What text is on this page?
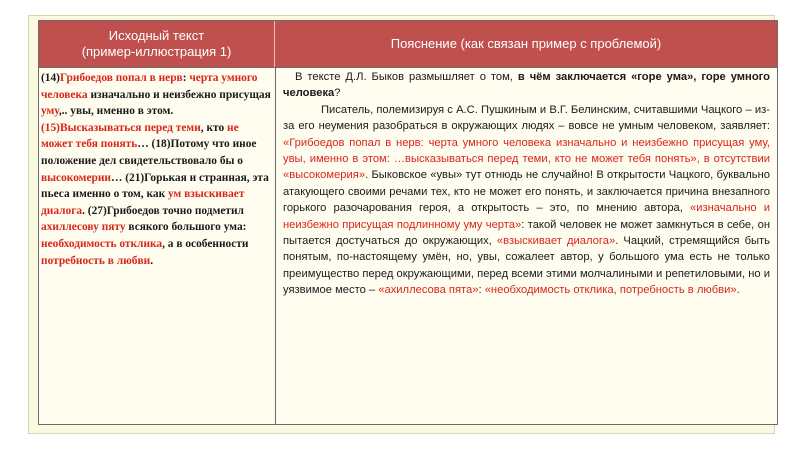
Исходный текст
(пример-иллюстрация 1)
Пояснение (как связан пример с проблемой)
(14)Грибоедов попал в нерв: черта умного человека изначально и неизбежно присущая уму,.. увы, именно в этом. (15)Высказываться перед теми, кто не может тебя понять… (18)Потому что иное положение дел свидетельствовало бы о высокомерии… (21)Горькая и странная, эта пьеса именно о том, как ум взыскивает диалога. (27)Грибоедов точно подметил ахиллесову пяту всякого большого ума: необходимость отклика, а в особенности потребность в любви.

В тексте Д.Л. Быков размышляет о том, в чём заключается «горе ума», горе умного человека?

Писатель, полемизируя с А.С. Пушкиным и В.Г. Белинским, считавшими Чацкого – из-за его неумения разобраться в окружающих людях – вовсе не умным человеком, заявляет: «Грибоедов попал в нерв: черта умного человека изначально и неизбежно присущая уму, увы, именно в этом: …высказываться перед теми, кто не может тебя понять», в отсутствии «высокомерия». Быковское «увы» тут отнюдь не случайно! В открытости Чацкого, буквально атакующего своими речами тех, кто не может его понять, и заключается причина внезапного горького разочарования героя, а открытость – это, по мнению автора, «изначально и неизбежно присущая подлинному уму черта»: такой человек не может замкнуться в себе, он пытается достучаться до окружающих, «взыскивает диалога». Чацкий, стремящийся быть понятым, по-настоящему умён, но, увы, сожалеет автор, у большого ума есть не только преимущество перед окружающими, перед всеми этими молчалиными и репетиловыми, но и уязвимое место – «ахиллесова пята»: «необходимость отклика, потребность в любви».
